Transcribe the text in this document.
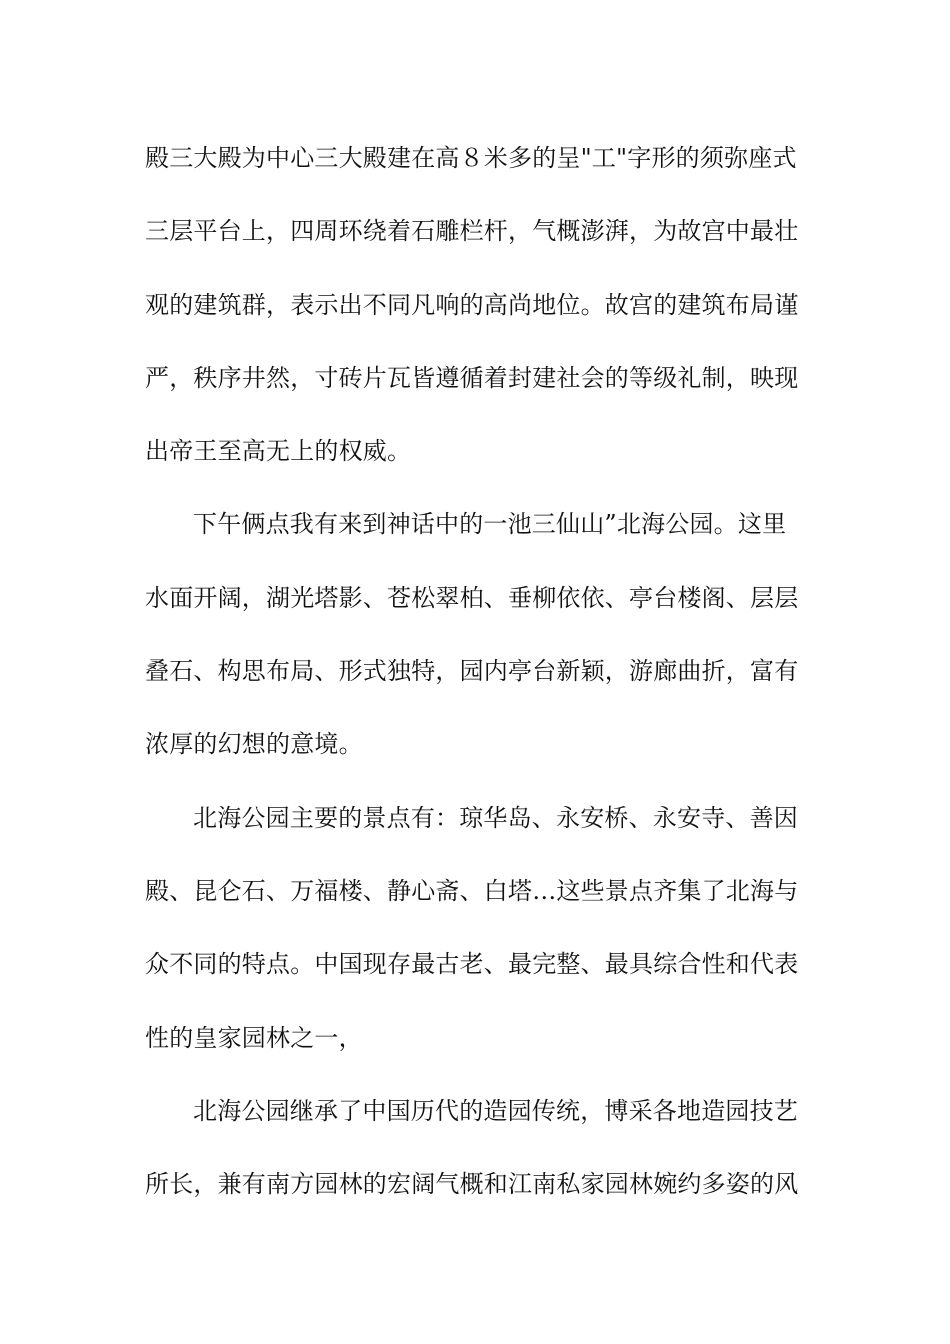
殿三大殿为中心三大殿建在高８米多的呈"工"字形的须弥座式
三层平台上，四周环绕着石雕栏杆，气概澎湃，为故宫中最壮
观的建筑群，表示出不同凡响的高尚地位。故宫的建筑布局谨
严，秩序井然，寸砖片瓦皆遵循着封建社会的等级礼制，映现
出帝王至高无上的权威。
下午俩点我有来到神话中的一池三仙山”北海公园。这里
水面开阔，湖光塔影、苍松翠柏、垂柳依依、亭台楼阁、层层
叠石、构思布局、形式独特，园内亭台新颖，游廊曲折，富有
浓厚的幻想的意境。
北海公园主要的景点有：琼华岛、永安桥、永安寺、善因
殿、昆仑石、万福楼、静心斋、白塔…这些景点齐集了北海与
众不同的特点。中国现存最古老、最完整、最具综合性和代表
性的皇家园林之一，
北海公园继承了中国历代的造园传统，博采各地造园技艺
所长，兼有南方园林的宏阔气概和江南私家园林婉约多姿的风
